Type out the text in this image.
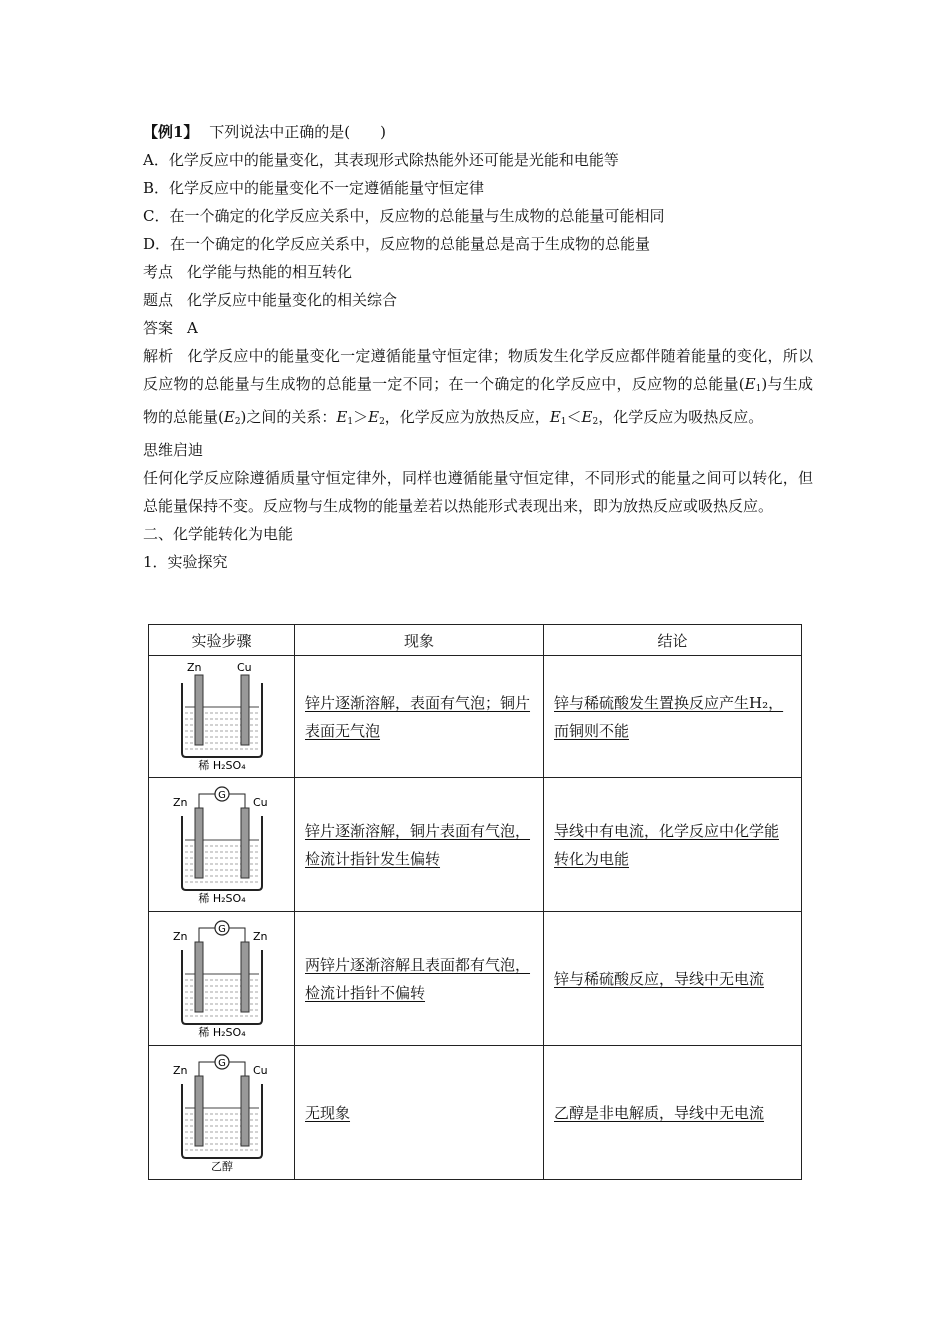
【例1】 下列说法中正确的是(　　)
A．化学反应中的能量变化，其表现形式除热能外还可能是光能和电能等
B．化学反应中的能量变化不一定遵循能量守恒定律
C．在一个确定的化学反应关系中，反应物的总能量与生成物的总能量可能相同
D．在一个确定的化学反应关系中，反应物的总能量总是高于生成物的总能量
考点 化学能与热能的相互转化
题点 化学反应中能量变化的相关综合
答案 A
解析 化学反应中的能量变化一定遵循能量守恒定律；物质发生化学反应都伴随着能量的变化，所以反应物的总能量与生成物的总能量一定不同；在一个确定的化学反应中，反应物的总能量$(E_1)$与生成物的总能量$(E_2)$之间的关系：$E_1>E_2$，化学反应为放热反应，$E_1<E_2$，化学反应为吸热反应。
思维启迪
任何化学反应除遵循质量守恒定律外，同样也遵循能量守恒定律，不同形式的能量之间可以转化，但总能量保持不变。反应物与生成物的能量差若以热能形式表现出来，即为放热反应或吸热反应。
二、化学能转化为电能
1．实验探究
实验步骤	现象	结论

Zn Cu
稀 H₂SO₄	锌片逐渐溶解，表面有气泡；铜片表面无气泡	锌与稀硫酸发生置换反应产生H₂，而铜则不能

G
Zn Cu
稀 H₂SO₄	锌片逐渐溶解，铜片表面有气泡，检流计指针发生偏转	导线中有电流，化学反应中化学能转化为电能

G
Zn Zn
稀 H₂SO₄	两锌片逐渐溶解且表面都有气泡，检流计指针不偏转	锌与稀硫酸反应，导线中无电流

G
Zn Cu
乙醇	无现象	乙醇是非电解质，导线中无电流
